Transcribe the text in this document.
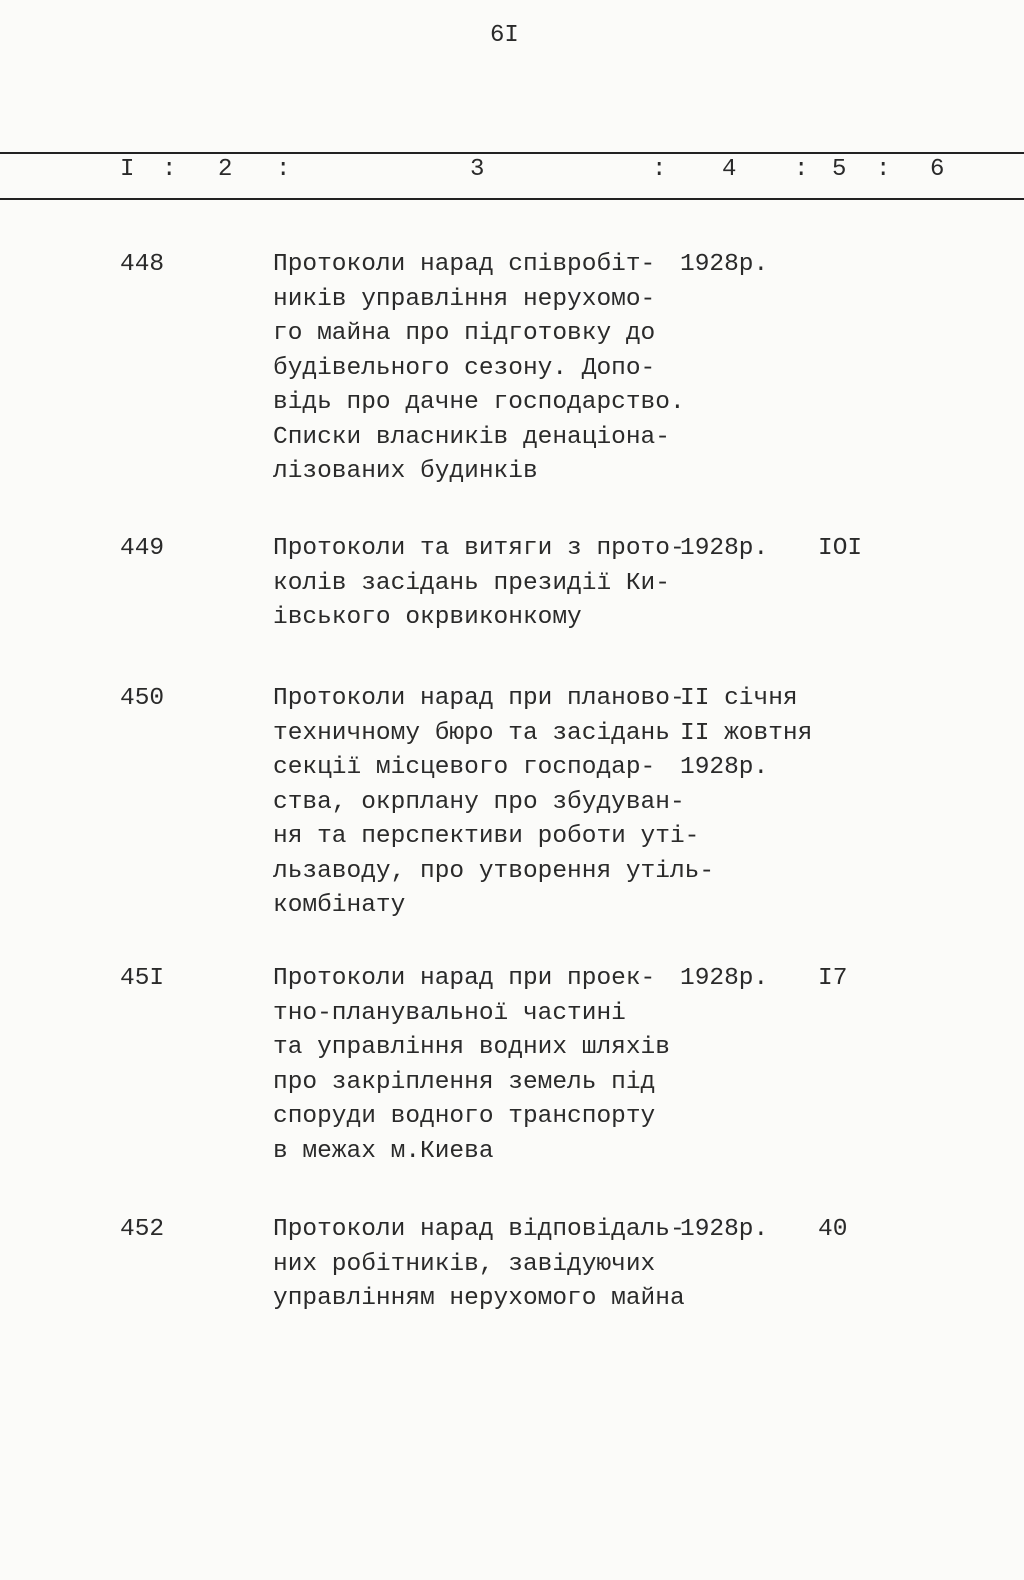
6I
I : 2 :	3	: 4 : 5 : 6
448	Протоколи нарад співробіт-
ників управління нерухомо-
го майна про підготовку до
будівельного сезону. Допо-
відь про дачне господарство.
Списки власників денаціона-
лізованих будинків
1928р.
449	Протоколи та витяги з прото-
колів засідань президії Ки-
івського окрвиконкому
1928р. IOI
450	Протоколи нарад при планово-
техничному бюро та засідань
секції місцевого господар-
ства, окрплану про збудуван-
ня та перспективи роботи уті-
льзаводу, про утворення утіль-
комбінату
II січня
II жовтня
1928р.
45I	Протоколи нарад при проек-
тно-планувальної частині
та управління водних шляхів
про закріплення земель під
споруди водного транспорту
в межах м.Киева
1928р. I7
452	Протоколи нарад відповідаль-
них робітників, завідуючих
управлінням нерухомого майна
1928р. 40
